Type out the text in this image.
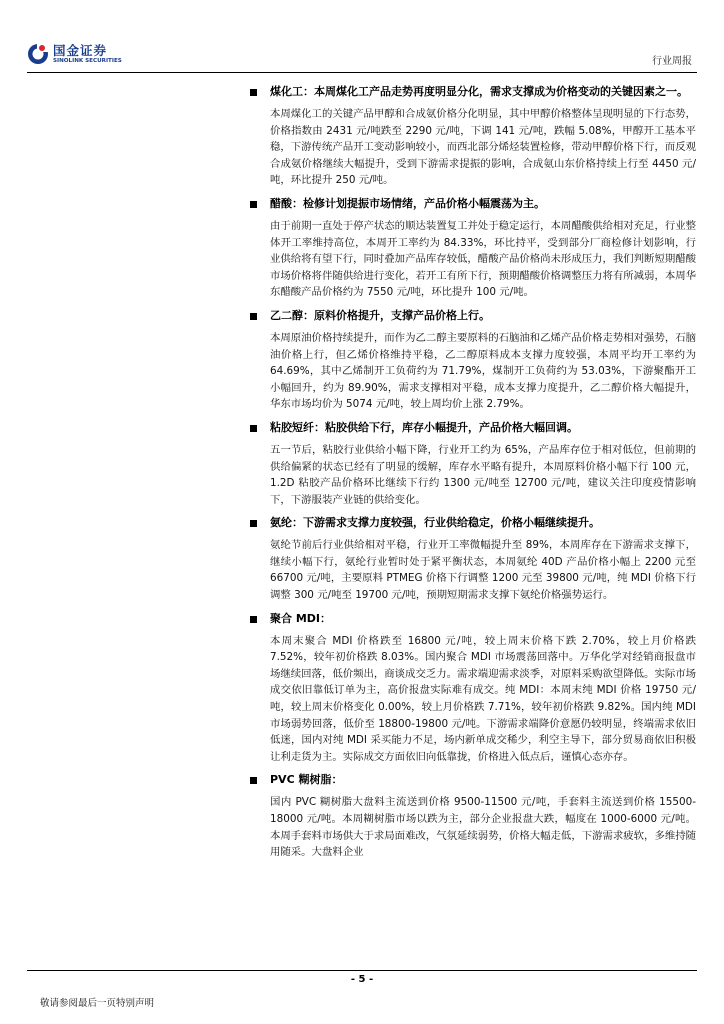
国金证券
SINOLINK SECURITIES	行业周报
煤化工：本周煤化工产品走势再度明显分化，需求支撑成为价格变动的关键因素之一。
本周煤化工的关键产品甲醇和合成氨价格分化明显，其中甲醇价格整体呈现明显的下行态势，价格指数由 2431 元/吨跌至 2290 元/吨，下调 141 元/吨，跌幅 5.08%，甲醇开工基本平稳，下游传统产品开工变动影响较小，而西北部分烯烃装置检修，带动甲醇价格下行，而反观合成氨价格继续大幅提升，受到下游需求提振的影响，合成氨山东价格持续上行至 4450 元/吨，环比提升 250 元/吨。
醋酸：检修计划提振市场情绪，产品价格小幅震荡为主。
由于前期一直处于停产状态的顺达装置复工并处于稳定运行，本周醋酸供给相对充足，行业整体开工率维持高位，本周开工率约为 84.33%，环比持平，受到部分厂商检修计划影响，行业供给将有望下行，同时叠加产品库存较低，醋酸产品价格尚未形成压力，我们判断短期醋酸市场价格将伴随供给进行变化，若开工有所下行，预期醋酸价格调整压力将有所减弱，本周华东醋酸产品价格约为 7550 元/吨，环比提升 100 元/吨。
乙二醇：原料价格提升，支撑产品价格上行。
本周原油价格持续提升，而作为乙二醇主要原料的石脑油和乙烯产品价格走势相对强势，石脑油价格上行，但乙烯价格维持平稳，乙二醇原料成本支撑力度较强，本周平均开工率约为 64.69%，其中乙烯制开工负荷约为 71.79%，煤制开工负荷约为 53.03%，下游聚酯开工小幅回升，约为 89.90%，需求支撑相对平稳，成本支撑力度提升，乙二醇价格大幅提升，华东市场均价为 5074 元/吨，较上周均价上涨 2.79%。
粘胶短纤：粘胶供给下行，库存小幅提升，产品价格大幅回调。
五一节后，粘胶行业供给小幅下降，行业开工约为 65%，产品库存位于相对低位，但前期的供给偏紧的状态已经有了明显的缓解，库存水平略有提升，本周原料价格小幅下行 100 元，1.2D 粘胶产品价格环比继续下行约 1300 元/吨至 12700 元/吨，建议关注印度疫情影响下，下游服装产业链的供给变化。
氨纶：下游需求支撑力度较强，行业供给稳定，价格小幅继续提升。
氨纶节前后行业供给相对平稳，行业开工率微幅提升至 89%，本周库存在下游需求支撑下，继续小幅下行，氨纶行业暂时处于紧平衡状态，本周氨纶 40D 产品价格小幅上 2200 元至 66700 元/吨，主要原料 PTMEG 价格下行调整 1200 元至 39800 元/吨，纯 MDI 价格下行调整 300 元/吨至 19700 元/吨，预期短期需求支撑下氨纶价格强势运行。
聚合 MDI：
本周末聚合 MDI 价格跌至 16800 元/吨，较上周末价格下跌 2.70%，较上月价格跌 7.52%，较年初价格跌 8.03%。国内聚合 MDI 市场震荡回落中。万华化学对经销商报盘市场继续回落，低价频出，商谈成交乏力。需求端迎需求淡季，对原料采购欲望降低。实际市场成交依旧靠低订单为主，高价报盘实际难有成交。纯 MDI：本周末纯 MDI 价格 19750 元/吨，较上周末价格变化 0.00%，较上月价格跌 7.71%，较年初价格跌 9.82%。国内纯 MDI 市场弱势回落，低价至 18800-19800 元/吨。下游需求端降价意愿仍较明显，终端需求依旧低迷，国内对纯 MDI 采买能力不足，场内新单成交稀少，利空主导下，部分贸易商依旧积极让利走货为主。实际成交方面依旧向低靠拢，价格进入低点后，谨慎心态亦存。
PVC 糊树脂：
国内 PVC 糊树脂大盘料主流送到价格 9500-11500 元/吨，手套料主流送到价格 15500-18000 元/吨。本周糊树脂市场以跌为主，部分企业报盘大跌，幅度在 1000-6000 元/吨。本周手套料市场供大于求局面难改，气氛延续弱势，价格大幅走低，下游需求疲软，多维持随用随采。大盘料企业
- 5 -
敬请参阅最后一页特别声明
